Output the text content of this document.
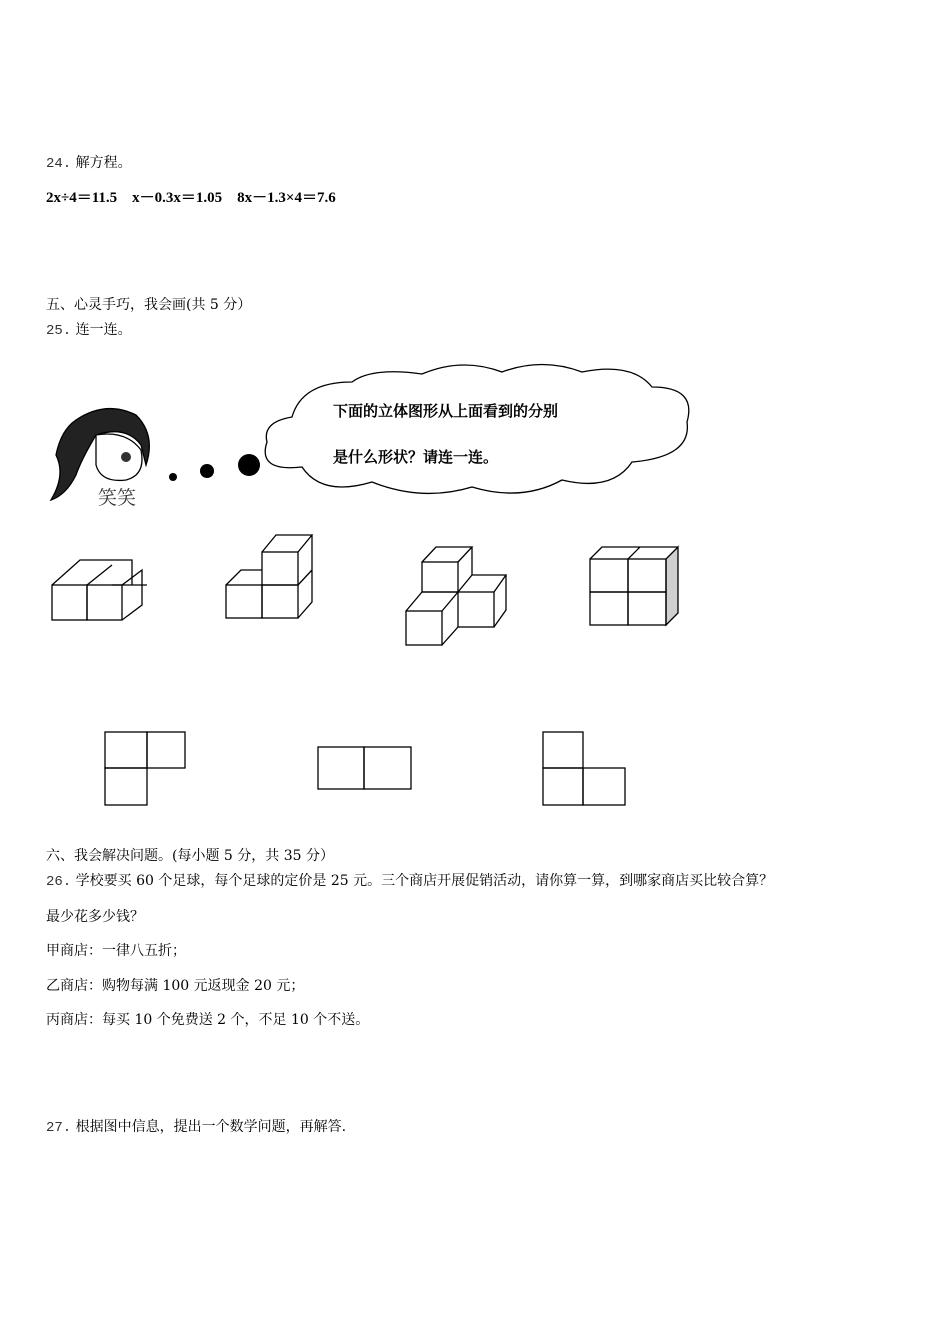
24. 解方程。
2x÷4＝11.5 x－0.3x＝1.05 8x－1.3×4＝7.6
五、心灵手巧，我会画(共 5 分）
25. 连一连。
笑笑
下面的立体图形从上面看到的分别
是什么形状？请连一连。
六、我会解决问题。(每小题 5 分，共 35 分）
26. 学校要买 60 个足球，每个足球的定价是 25 元。三个商店开展促销活动，请你算一算，到哪家商店买比较合算？
最少花多少钱？
甲商店：一律八五折；
乙商店：购物每满 100 元返现金 20 元；
丙商店：每买 10 个免费送 2 个，不足 10 个不送。
27. 根据图中信息，提出一个数学问题，再解答.
